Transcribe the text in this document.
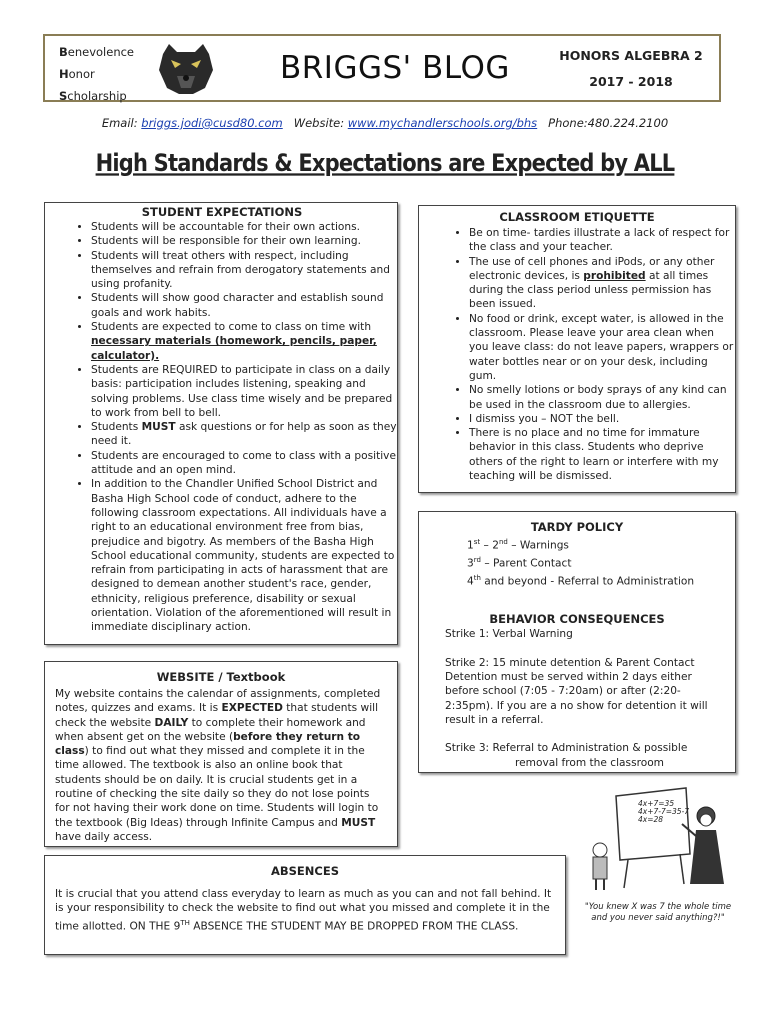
Benevolence
Honor
Scholarship
BRIGGS' BLOG	HONORS ALGEBRA 2
2017 - 2018
Email: briggs.jodi@cusd80.com Website: www.mychandlerschools.org/bhs Phone:480.224.2100
High Standards & Expectations are Expected by ALL
STUDENT EXPECTATIONS
• Students will be accountable for their own actions.
• Students will be responsible for their own learning.
• Students will treat others with respect, including themselves and refrain from derogatory statements and using profanity.
• Students will show good character and establish sound goals and work habits.
• Students are expected to come to class on time with necessary materials (homework, pencils, paper, calculator).
• Students are REQUIRED to participate in class on a daily basis: participation includes listening, speaking and solving problems. Use class time wisely and be prepared to work from bell to bell.
• Students MUST ask questions or for help as soon as they need it.
• Students are encouraged to come to class with a positive attitude and an open mind.
• In addition to the Chandler Unified School District and Basha High School code of conduct, adhere to the following classroom expectations. All individuals have a right to an educational environment free from bias, prejudice and bigotry. As members of the Basha High School educational community, students are expected to refrain from participating in acts of harassment that are designed to demean another student's race, gender, ethnicity, religious preference, disability or sexual orientation. Violation of the aforementioned will result in immediate disciplinary action.
CLASSROOM ETIQUETTE
• Be on time- tardies illustrate a lack of respect for the class and your teacher.
• The use of cell phones and iPods, or any other electronic devices, is prohibited at all times during the class period unless permission has been issued.
• No food or drink, except water, is allowed in the classroom. Please leave your area clean when you leave class: do not leave papers, wrappers or water bottles near or on your desk, including gum.
• No smelly lotions or body sprays of any kind can be used in the classroom due to allergies.
• I dismiss you – NOT the bell.
• There is no place and no time for immature behavior in this class. Students who deprive others of the right to learn or interfere with my teaching will be dismissed.
TARDY POLICY
1st – 2nd – Warnings
3rd – Parent Contact
4th and beyond - Referral to Administration
BEHAVIOR CONSEQUENCES
Strike 1: Verbal Warning
Strike 2: 15 minute detention & Parent Contact Detention must be served within 2 days either before school (7:05 - 7:20am) or after (2:20-2:35pm). If you are a no show for detention it will result in a referral.
Strike 3: Referral to Administration & possible
removal from the classroom
WEBSITE / Textbook

My website contains the calendar of assignments, completed notes, quizzes and exams. It is EXPECTED that students will check the website DAILY to complete their homework and when absent get on the website (before they return to class) to find out what they missed and complete it in the time allowed. The textbook is also an online book that students should be on daily. It is crucial students get in a routine of checking the site daily so they do not lose points for not having their work done on time. Students will login to the textbook (Big Ideas) through Infinite Campus and MUST have daily access.

ABSENCES

It is crucial that you attend class everyday to learn as much as you can and not fall behind. It is your responsibility to check the website to find out what you missed and complete it in the time allotted. ON THE 9TH ABSENCE THE STUDENT MAY BE DROPPED FROM THE CLASS.

4x+7=35
4x+7-7=35-7
4x=28
"You knew X was 7 the whole time and you never said anything?!"
